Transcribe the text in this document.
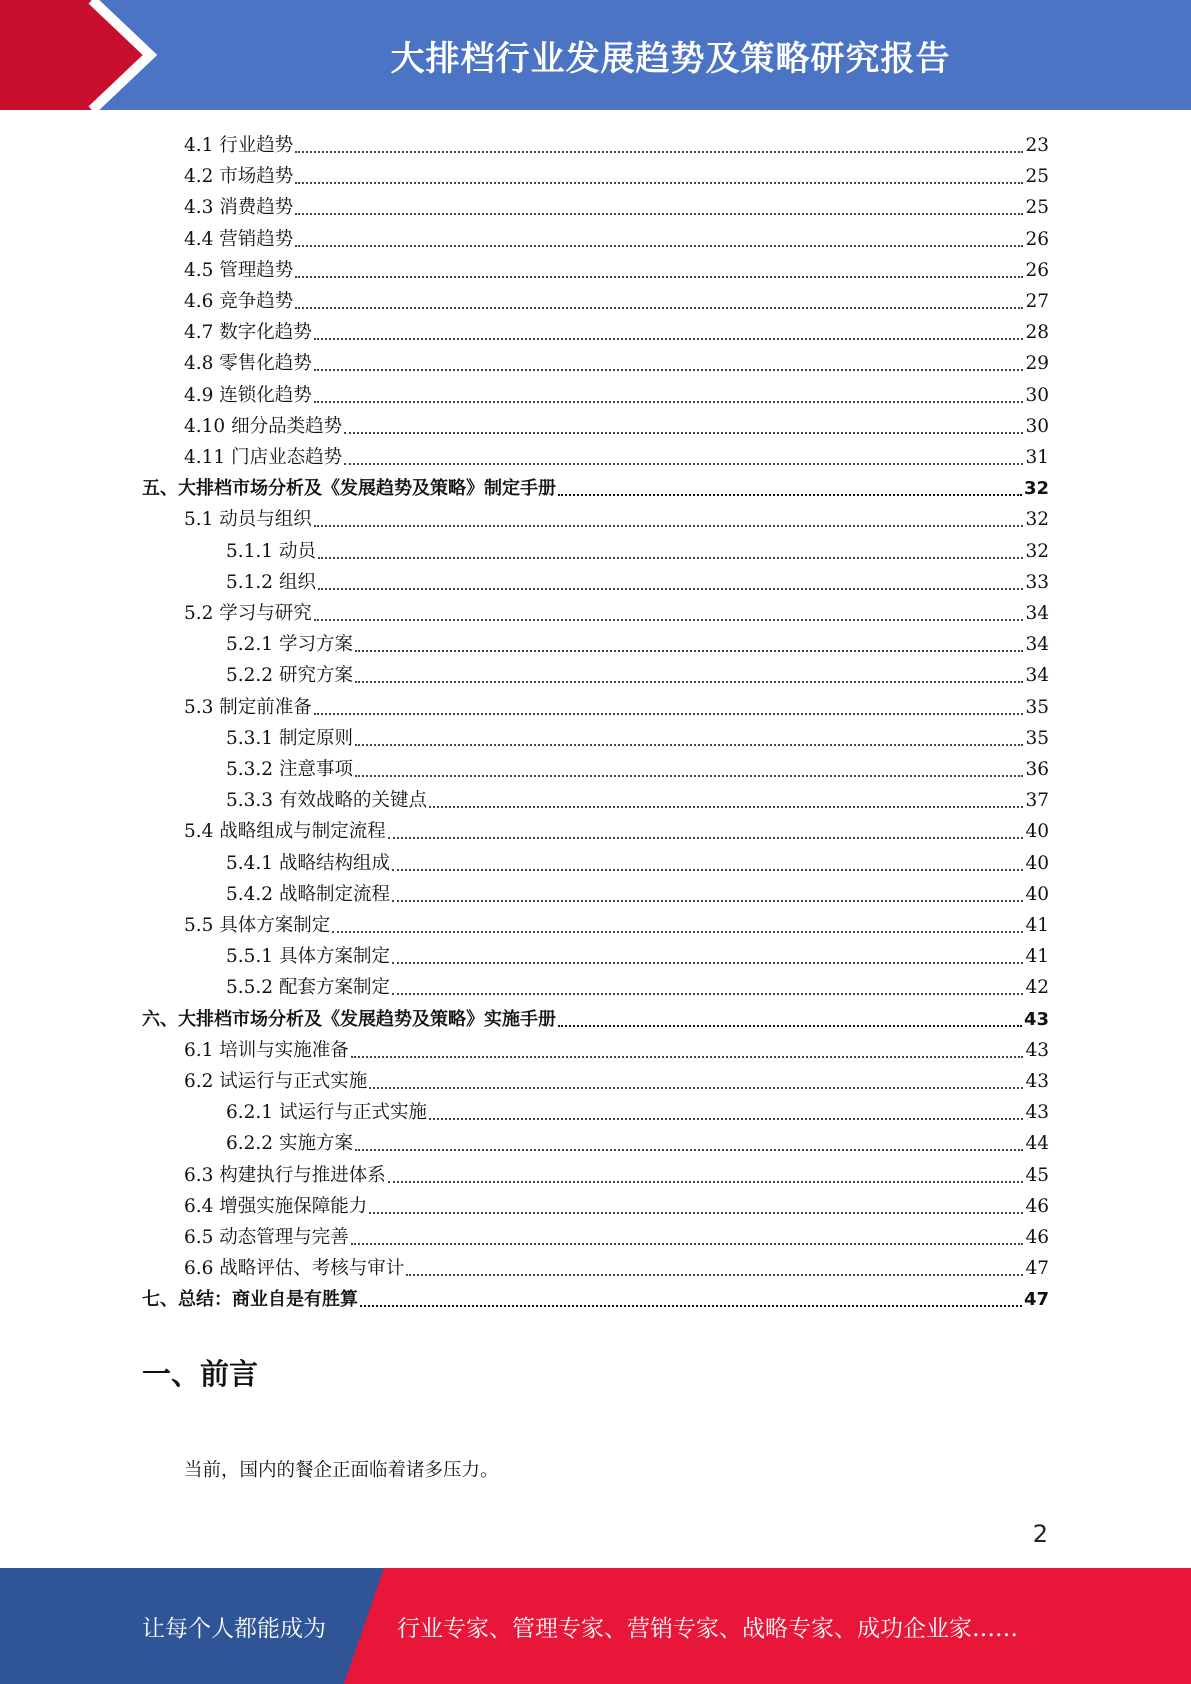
大排档行业发展趋势及策略研究报告
4.1 行业趋势	23
4.2 市场趋势	25
4.3 消费趋势	25
4.4 营销趋势	26
4.5 管理趋势	26
4.6 竞争趋势	27
4.7 数字化趋势	28
4.8 零售化趋势	29
4.9 连锁化趋势	30
4.10 细分品类趋势	30
4.11 门店业态趋势	31
五、大排档市场分析及《发展趋势及策略》制定手册	32
5.1 动员与组织	32
5.1.1 动员	32
5.1.2 组织	33
5.2 学习与研究	34
5.2.1 学习方案	34
5.2.2 研究方案	34
5.3 制定前准备	35
5.3.1 制定原则	35
5.3.2 注意事项	36
5.3.3 有效战略的关键点	37
5.4 战略组成与制定流程	40
5.4.1 战略结构组成	40
5.4.2 战略制定流程	40
5.5 具体方案制定	41
5.5.1 具体方案制定	41
5.5.2 配套方案制定	42
六、大排档市场分析及《发展趋势及策略》实施手册	43
6.1 培训与实施准备	43
6.2 试运行与正式实施	43
6.2.1 试运行与正式实施	43
6.2.2 实施方案	44
6.3 构建执行与推进体系	45
6.4 增强实施保障能力	46
6.5 动态管理与完善	46
6.6 战略评估、考核与审计	47
七、总结：商业自是有胜算	47
一、前言
当前，国内的餐企正面临着诸多压力。
2
让每个人都能成为	行业专家、管理专家、营销专家、战略专家、成功企业家……
